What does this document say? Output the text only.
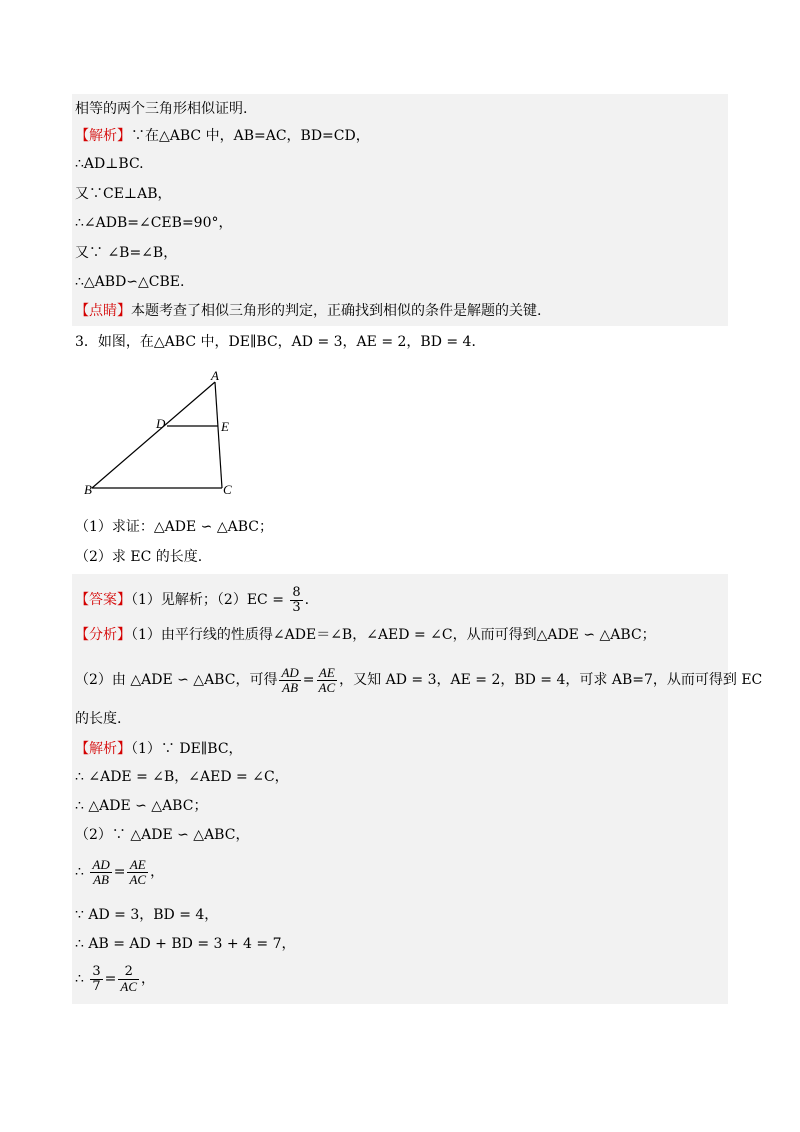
相等的两个三角形相似证明.
【解析】∵在△ABC 中，AB=AC，BD=CD，
∴AD⊥BC.
又∵CE⊥AB，
∴∠ADB=∠CEB=90°，
又∵ ∠B=∠B，
∴△ABD∽△CBE.
【点睛】本题考查了相似三角形的判定，正确找到相似的条件是解题的关键.
3．如图，在△ABC 中，DE∥BC，AD = 3，AE = 2，BD = 4．
A
D	E
B	C
（1）求证：△ADE ∽ △ABC；
（2）求 EC 的长度.
【答案】（1）见解析；$(2)EC = \frac{8}{3}$ .
【分析】（1）由平行线的性质得∠ADE＝∠B，∠AED = ∠C，从而可得到△ADE ∽ △ABC；
（2）由 △ADE ∽ △ABC，可得 $\frac{AD}{AB} = \frac{AE}{AC}$ ，又知 AD = 3，AE = 2，BD = 4，可求 AB=7，从而可得到 EC
的长度.
【解析】（1）∵ DE∥BC，
∴ ∠ADE = ∠B，∠AED = ∠C，
∴ △ADE ∽ △ABC；
（2）∵ △ADE ∽ △ABC，
∴ $\frac{AD}{AB} = \frac{AE}{AC}$ ，
∵ AD = 3，BD = 4，
∴ AB = AD + BD = 3 + 4 = 7，
∴ $\frac{3}{7} = \frac{2}{AC}$ ，
